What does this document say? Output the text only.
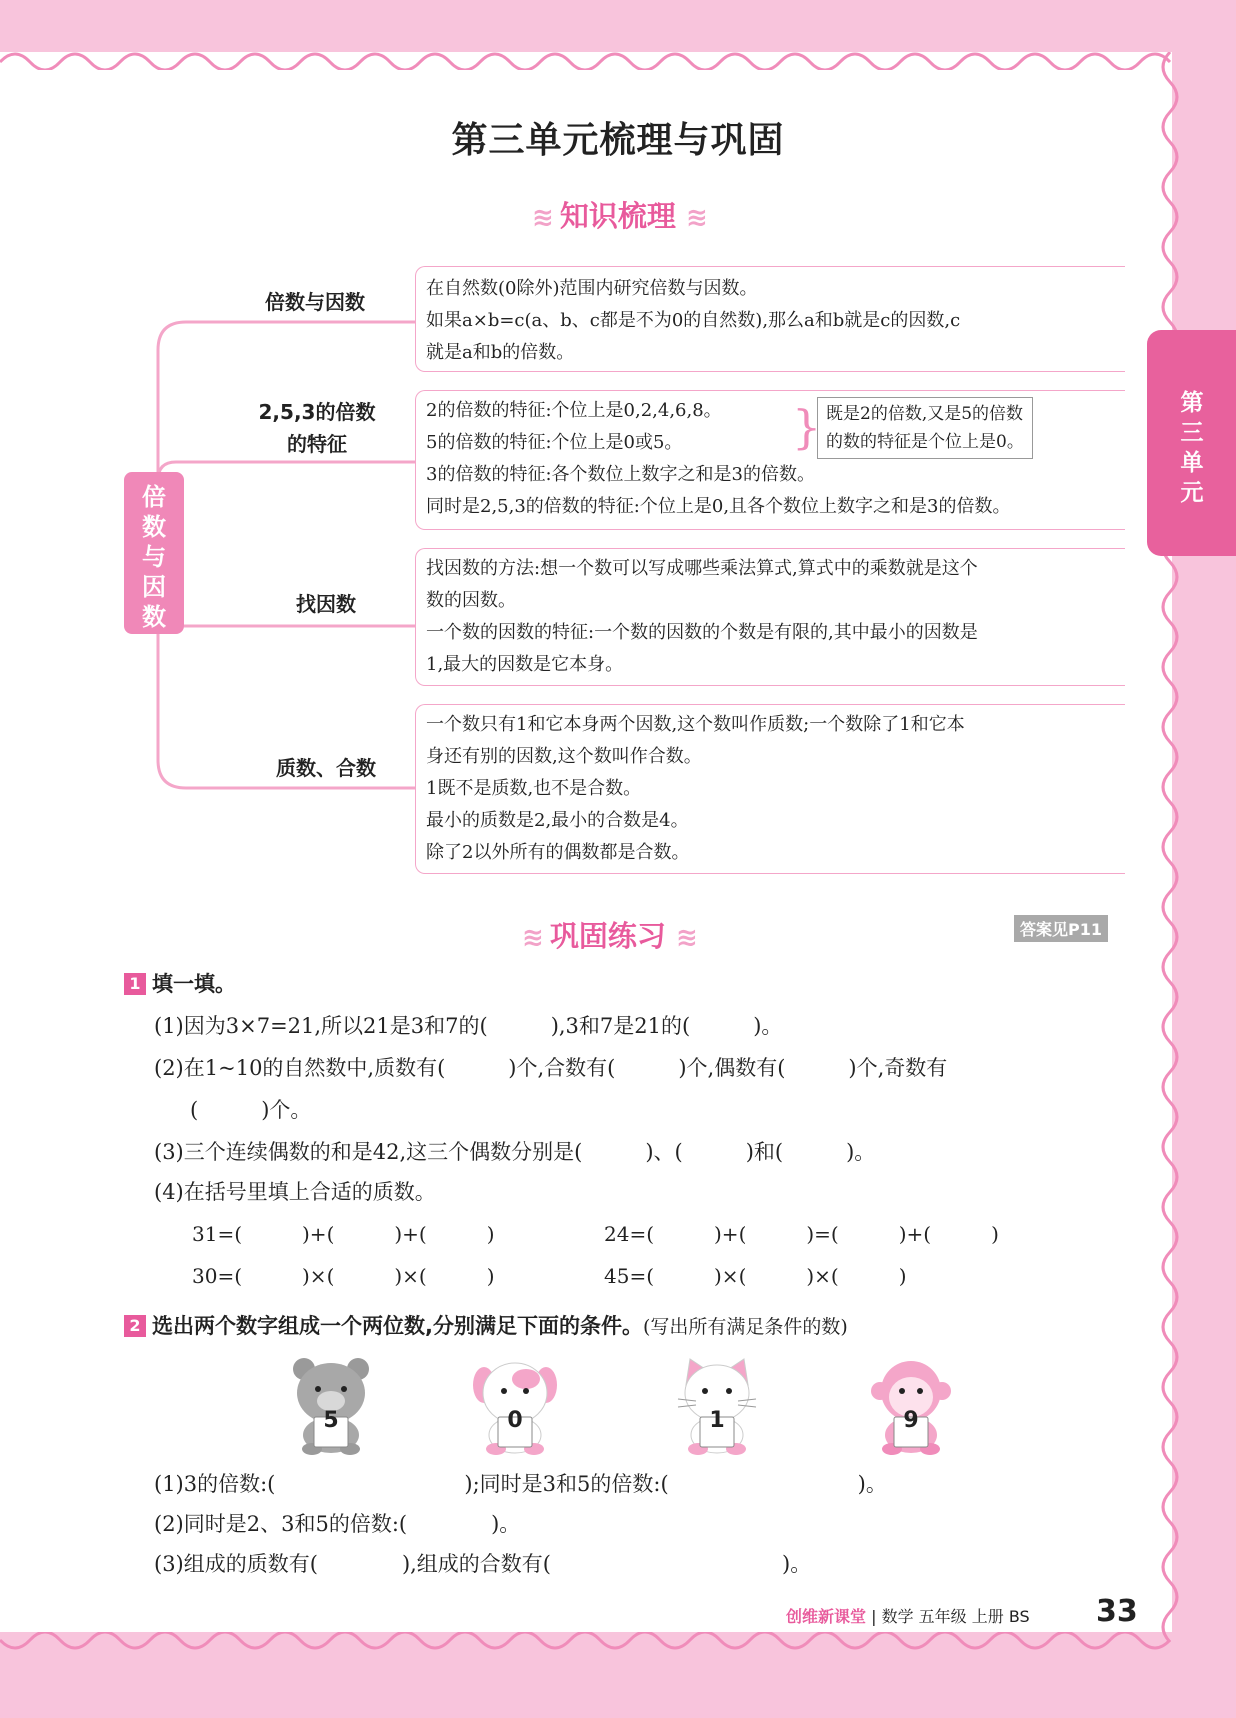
第三单元
第三单元梳理与巩固
≋ 知识梳理 ≋
倍数与因数
倍数与因数
2,5,3的倍数
的特征
找因数
质数、合数

在自然数(0除外)范围内研究倍数与因数。

如果a×b=c(a、b、c都是不为0的自然数),那么a和b就是c的因数,c

就是a和b的倍数。

2的倍数的特征:个位上是0,2,4,6,8。

5的倍数的特征:个位上是0或5。

3的倍数的特征:各个数位上数字之和是3的倍数。

同时是2,5,3的倍数的特征:个位上是0,且各个数位上数字之和是3的倍数。

} 既是2的倍数,又是5的倍数
的数的特征是个位上是0。

找因数的方法:想一个数可以写成哪些乘法算式,算式中的乘数就是这个

数的因数。

一个数的因数的特征:一个数的因数的个数是有限的,其中最小的因数是

1,最大的因数是它本身。

一个数只有1和它本身两个因数,这个数叫作质数;一个数除了1和它本

身还有别的因数,这个数叫作合数。

1既不是质数,也不是合数。

最小的质数是2,最小的合数是4。

除了2以外所有的偶数都是合数。

≋ 巩固练习 ≋	答案见P11
1 填一填。
(1)因为3×7=21,所以21是3和7的(　　　),3和7是21的(　　　)。
(2)在1~10的自然数中,质数有(　　　)个,合数有(　　　)个,偶数有(　　　)个,奇数有
(　　　)个。
(3)三个连续偶数的和是42,这三个偶数分别是(　　　)、(　　　)和(　　　)。
(4)在括号里填上合适的质数。
31=(　　　)+(　　　)+(　　　)	24=(　　　)+(　　　)=(　　　)+(　　　)
30=(　　　)×(　　　)×(　　　)	45=(　　　)×(　　　)×(　　　)
2 选出两个数字组成一个两位数,分别满足下面的条件。(写出所有满足条件的数)
5	0	1	9
(1)3的倍数:(　　　　　　　　　);同时是3和5的倍数:(　　　　　　　　　)。
(2)同时是2、3和5的倍数:(　　　　)。
(3)组成的质数有(　　　　),组成的合数有(　　　　　　　　　　　)。
创维新课堂 | 数学 五年级 上册 BS 33
